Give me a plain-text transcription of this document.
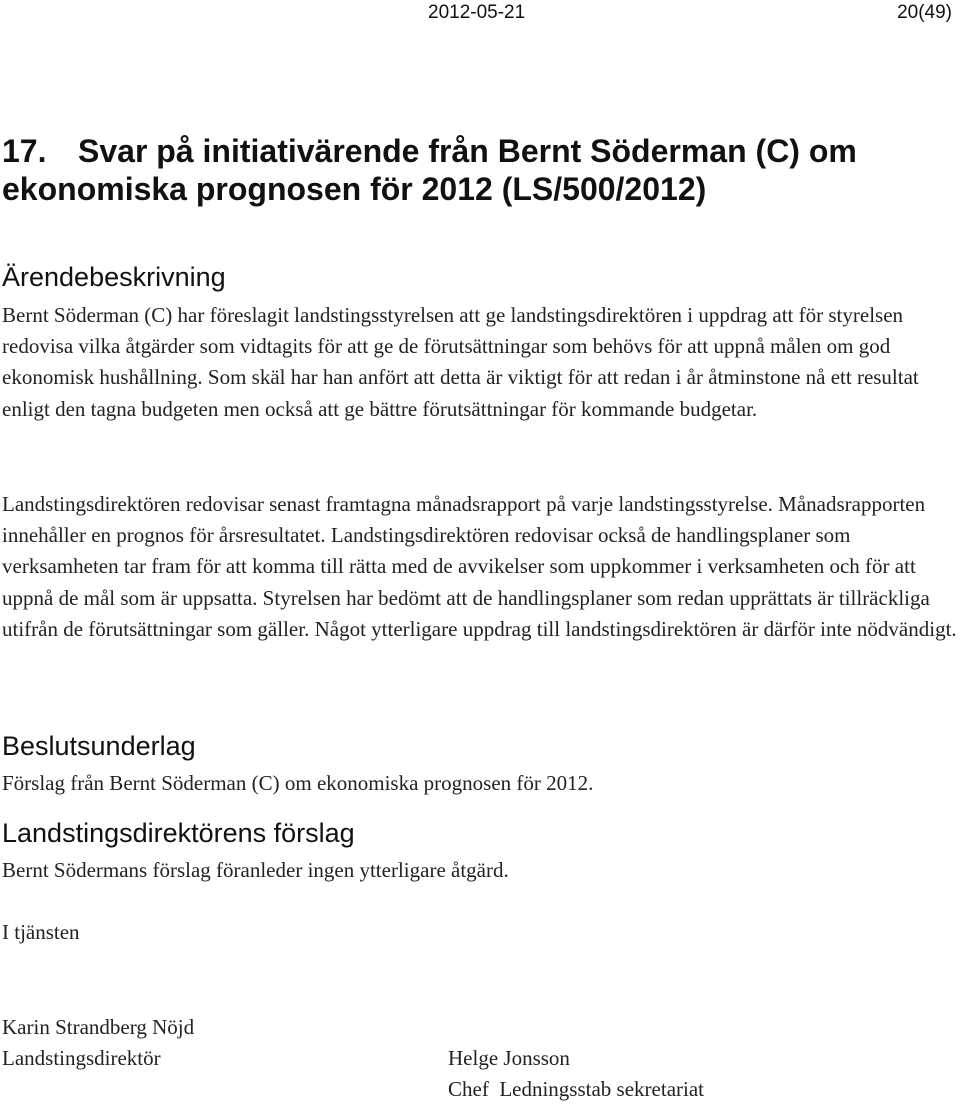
2012-05-21	20(49)
17. Svar på initiativärende från Bernt Söderman (C) om ekonomiska prognosen för 2012 (LS/500/2012)
Ärendebeskrivning

Bernt Söderman (C) har föreslagit landstingsstyrelsen att ge landstingsdirektören i uppdrag att för styrelsen redovisa vilka åtgärder som vidtagits för att ge de förutsättningar som behövs för att uppnå målen om god ekonomisk hushållning. Som skäl har han anfört att detta är viktigt för att redan i år åtminstone nå ett resultat enligt den tagna budgeten men också att ge bättre förutsättningar för kommande budgetar.

Landstingsdirektören redovisar senast framtagna månadsrapport på varje landstingsstyrelse. Månadsrapporten innehåller en prognos för årsresultatet. Landstingsdirektören redovisar också de handlingsplaner som verksamheten tar fram för att komma till rätta med de avvikelser som uppkommer i verksamheten och för att uppnå de mål som är uppsatta. Styrelsen har bedömt att de handlingsplaner som redan upprättats är tillräckliga utifrån de förutsättningar som gäller. Något ytterligare uppdrag till landstingsdirektören är därför inte nödvändigt.

Beslutsunderlag

Förslag från Bernt Söderman (C) om ekonomiska prognosen för 2012.

Landstingsdirektörens förslag

Bernt Södermans förslag föranleder ingen ytterligare åtgärd.

I tjänsten

Karin Strandberg Nöjd
Landstingsdirektör	Helge Jonsson
Chef  Ledningsstab sekretariat
